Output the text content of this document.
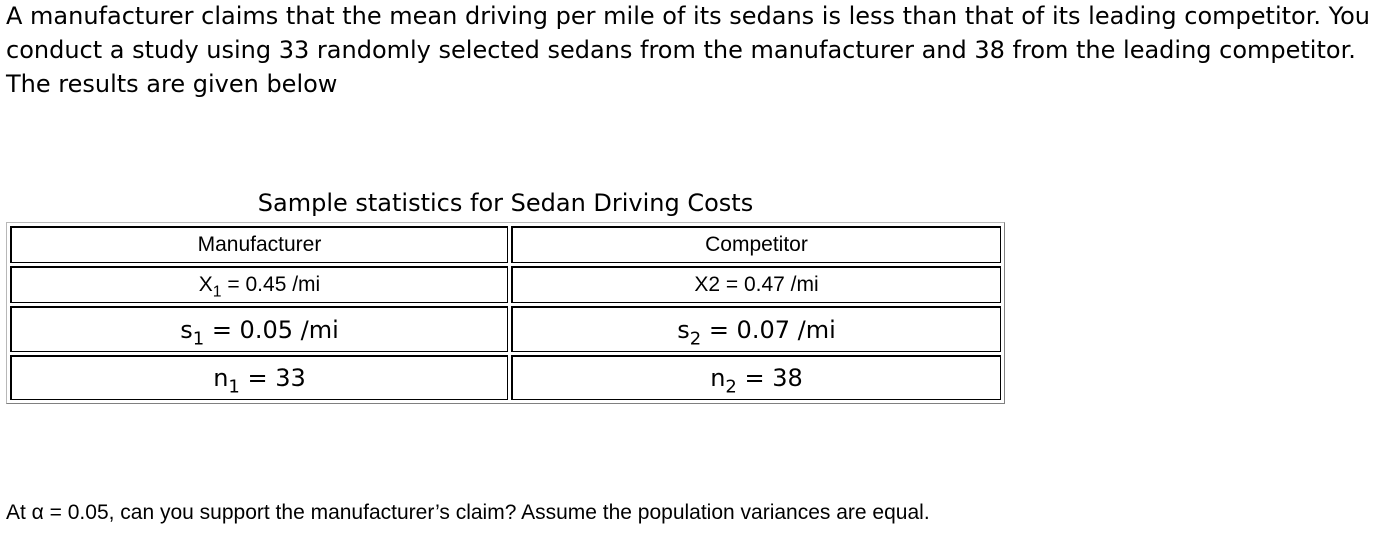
A manufacturer claims that the mean driving per mile of its sedans is less than that of its leading competitor. You conduct a study using 33 randomly selected sedans from the manufacturer and 38 from the leading competitor. The results are given below

Sample statistics for Sedan Driving Costs
Manufacturer	Competitor
$X_1 = 0.45$ /mi	X2 = 0.47 /mi
$s_1 = 0.05$ /mi	$s_2 = 0.07$ /mi
$n_1 = 33$	$n_2 = 38$
At α = 0.05, can you support the manufacturer’s claim? Assume the population variances are equal.
